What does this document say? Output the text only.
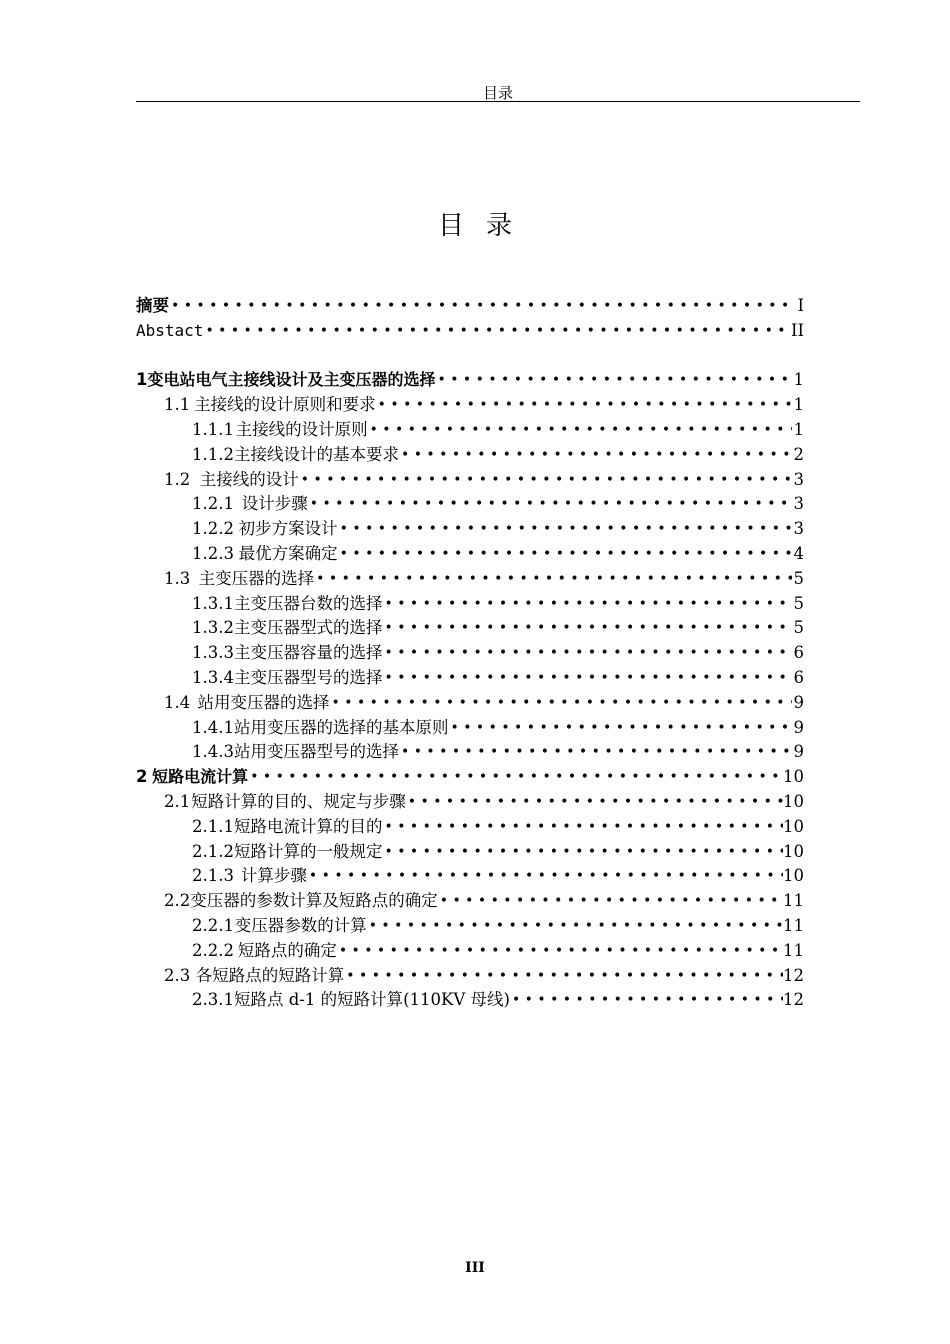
目录
目录
摘要 • • •	I
Abstact • • •	II
1 变电站电气主接线设计及主变压器的选择 • • •	1
1.1 主接线的设计原则和要求 • • •	1
1.1.1 主接线的设计原则 • • •	1
1.1.2 主接线设计的基本要求 • • •	2
1.2 主接线的设计 • • •	3
1.2.1 设计步骤 • • •	3
1.2.2 初步方案设计 • • •	3
1.2.3 最优方案确定 • • •	4
1.3 主变压器的选择 • • •	5
1.3.1 主变压器台数的选择 • • •	5
1.3.2 主变压器型式的选择 • • •	5
1.3.3 主变压器容量的选择 • • •	6
1.3.4 主变压器型号的选择 • • •	6
1.4 站用变压器的选择 • • •	9
1.4.1 站用变压器的选择的基本原则 • • •	9
1.4.3 站用变压器型号的选择 • • •	9
2 短路电流计算 • • •	10
2.1 短路计算的目的、规定与步骤 • • •	10
2.1.1 短路电流计算的目的 • • •	10
2.1.2 短路计算的一般规定 • • •	10
2.1.3 计算步骤 • • •	10
2.2 变压器的参数计算及短路点的确定 • • •	11
2.2.1 变压器参数的计算 • • •	11
2.2.2 短路点的确定 • • •	11
2.3 各短路点的短路计算 • • •	12
2.3.1 短路点 d-1 的短路计算(110KV 母线) • • •	12
III
